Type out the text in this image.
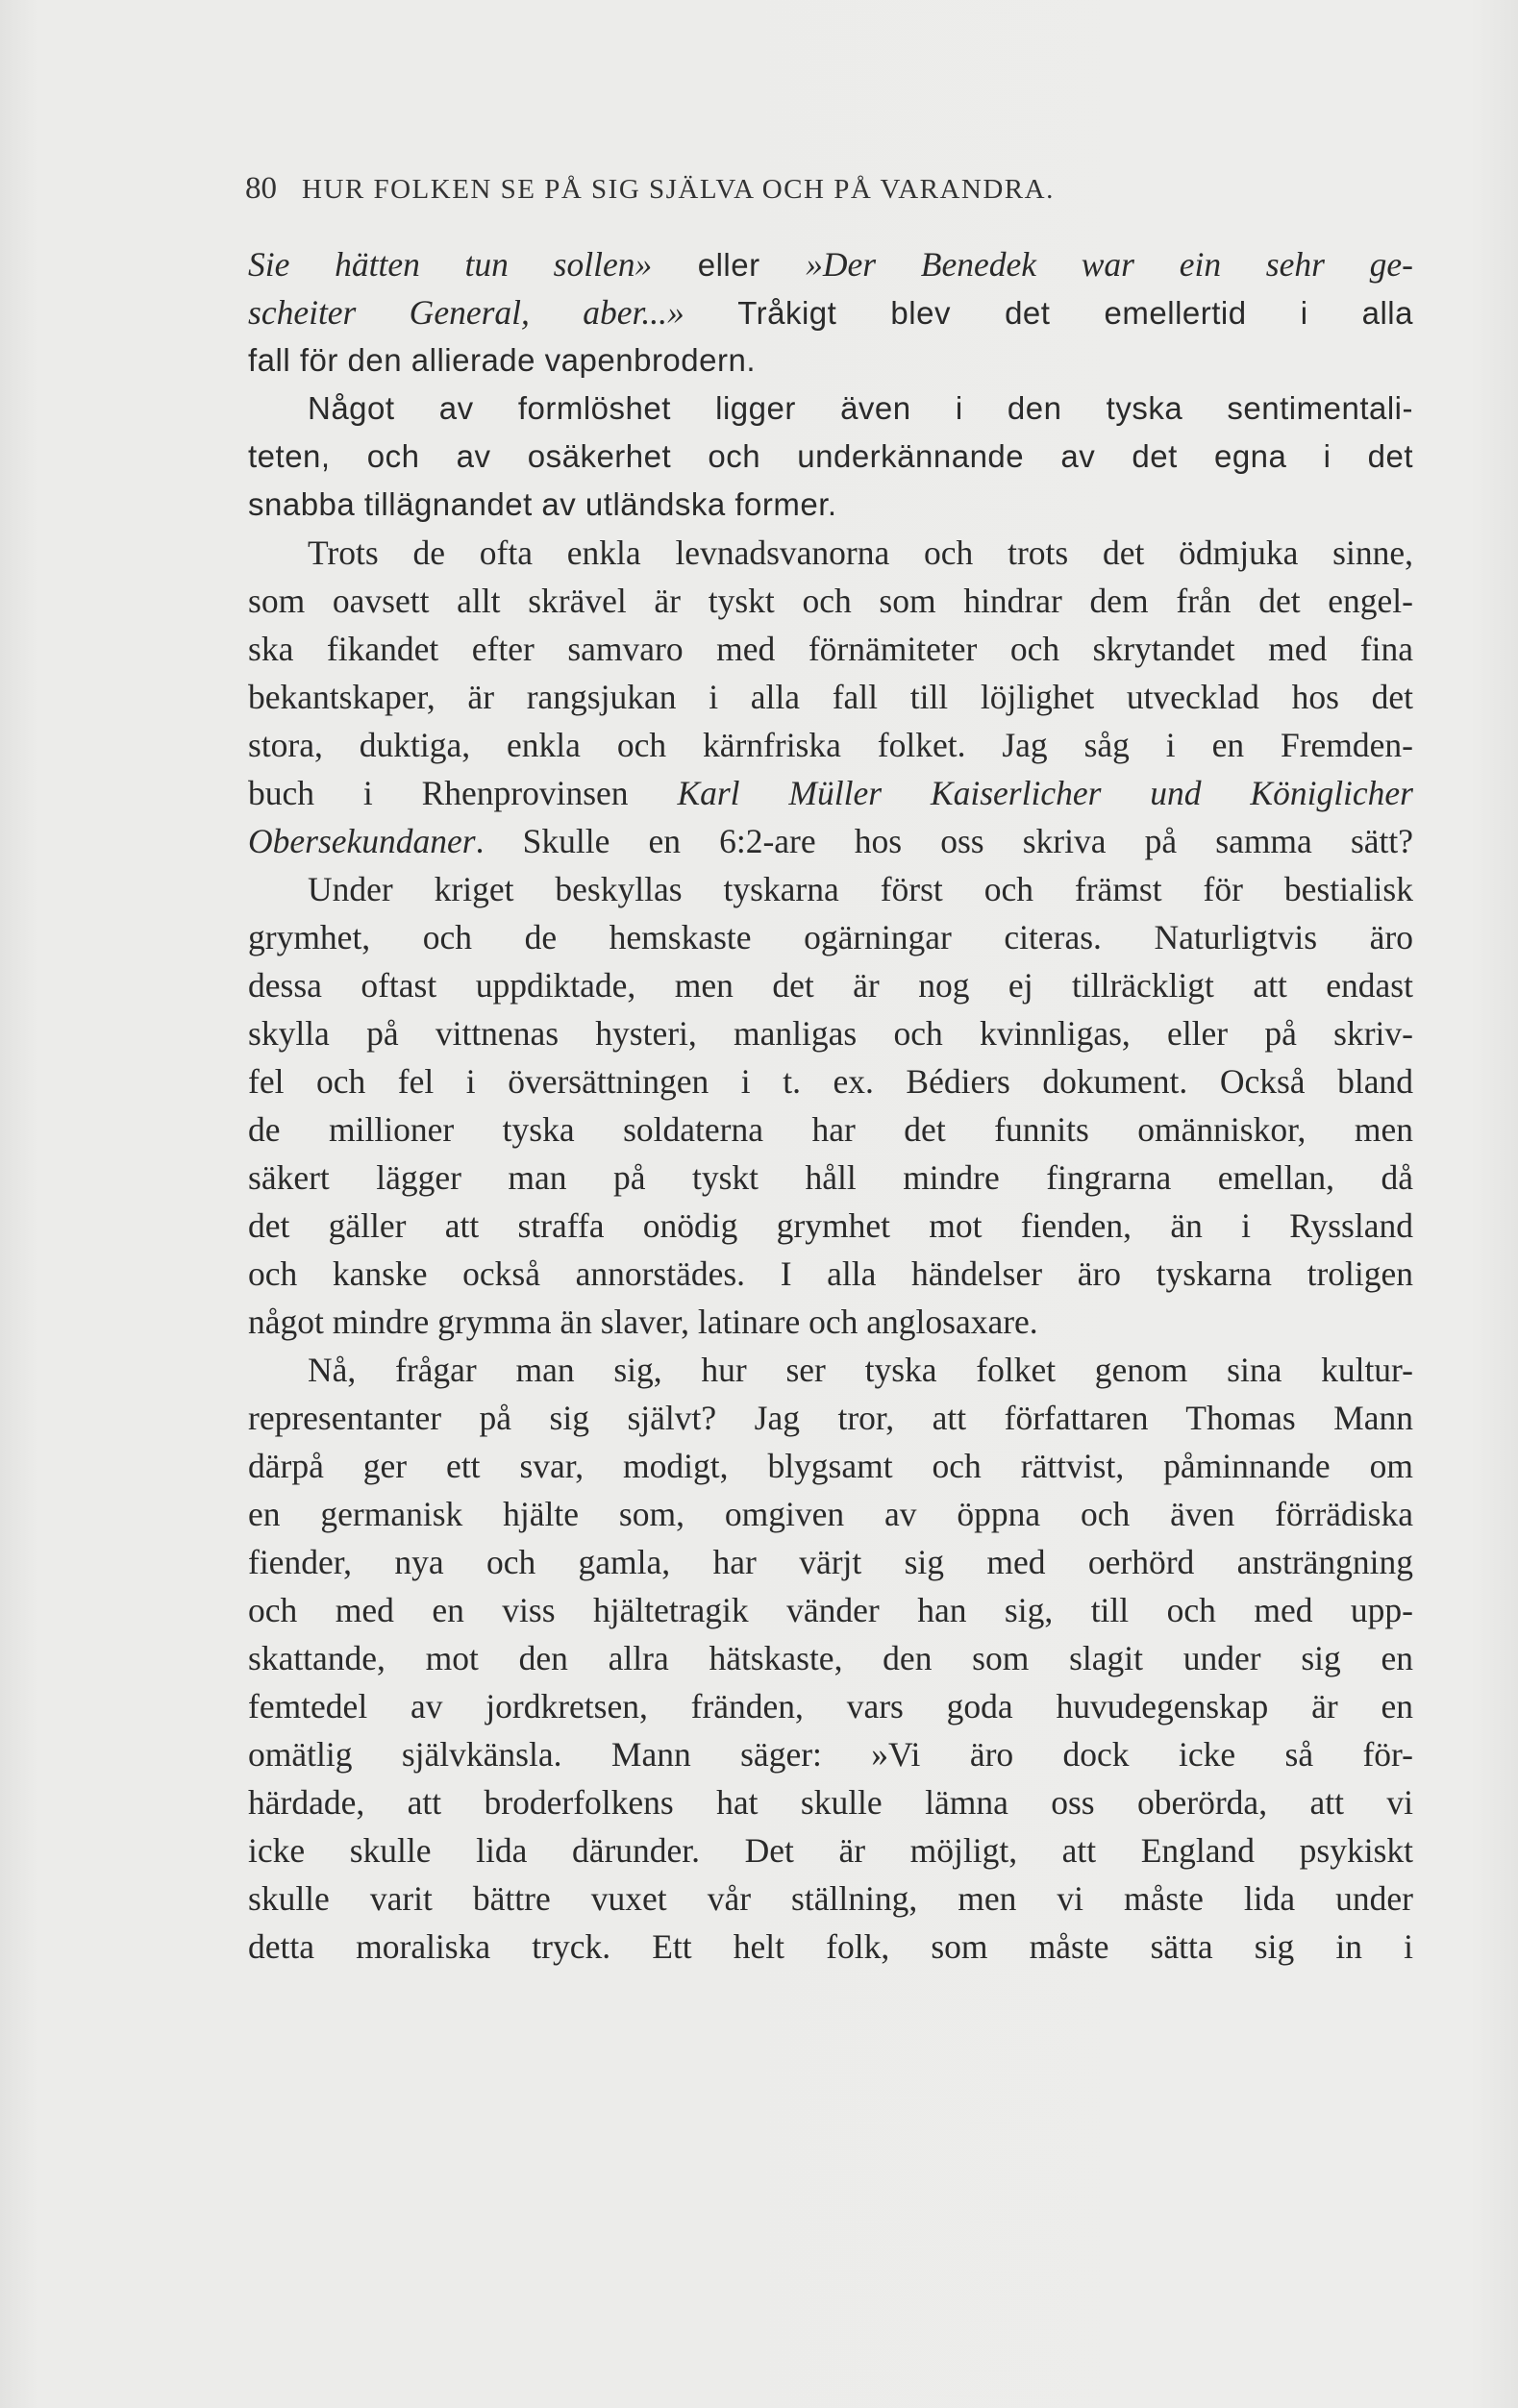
80 HUR FOLKEN SE PÅ SIG SJÄLVA OCH PÅ VARANDRA.
Sie hätten tun sollen» eller »Der Benedek war ein sehr ge-
scheiter General, aber...» Tråkigt blev det emellertid i alla
fall för den allierade vapenbrodern.
Något av formlöshet ligger även i den tyska sentimentali-
teten, och av osäkerhet och underkännande av det egna i det
snabba tillägnandet av utländska former.
Trots de ofta enkla levnadsvanorna och trots det ödmjuka sinne,
som oavsett allt skrävel är tyskt och som hindrar dem från det engel-
ska fikandet efter samvaro med förnämiteter och skrytandet med fina
bekantskaper, är rangsjukan i alla fall till löjlighet utvecklad hos det
stora, duktiga, enkla och kärnfriska folket. Jag såg i en Fremden-
buch i Rhenprovinsen Karl Müller Kaiserlicher und Königlicher
Obersekundaner. Skulle en 6:2-are hos oss skriva på samma sätt?
Under kriget beskyllas tyskarna först och främst för bestialisk
grymhet, och de hemskaste ogärningar citeras. Naturligtvis äro
dessa oftast uppdiktade, men det är nog ej tillräckligt att endast
skylla på vittnenas hysteri, manligas och kvinnligas, eller på skriv-
fel och fel i översättningen i t. ex. Bédiers dokument. Också bland
de millioner tyska soldaterna har det funnits omänniskor, men
säkert lägger man på tyskt håll mindre fingrarna emellan, då
det gäller att straffa onödig grymhet mot fienden, än i Ryssland
och kanske också annorstädes. I alla händelser äro tyskarna troligen
något mindre grymma än slaver, latinare och anglosaxare.
Nå, frågar man sig, hur ser tyska folket genom sina kultur-
representanter på sig självt? Jag tror, att författaren Thomas Mann
därpå ger ett svar, modigt, blygsamt och rättvist, påminnande om
en germanisk hjälte som, omgiven av öppna och även förrädiska
fiender, nya och gamla, har värjt sig med oerhörd ansträngning
och med en viss hjältetragik vänder han sig, till och med upp-
skattande, mot den allra hätskaste, den som slagit under sig en
femtedel av jordkretsen, fränden, vars goda huvudegenskap är en
omätlig självkänsla. Mann säger: »Vi äro dock icke så för-
härdade, att broderfolkens hat skulle lämna oss oberörda, att vi
icke skulle lida därunder. Det är möjligt, att England psykiskt
skulle varit bättre vuxet vår ställning, men vi måste lida under
detta moraliska tryck. Ett helt folk, som måste sätta sig in i
